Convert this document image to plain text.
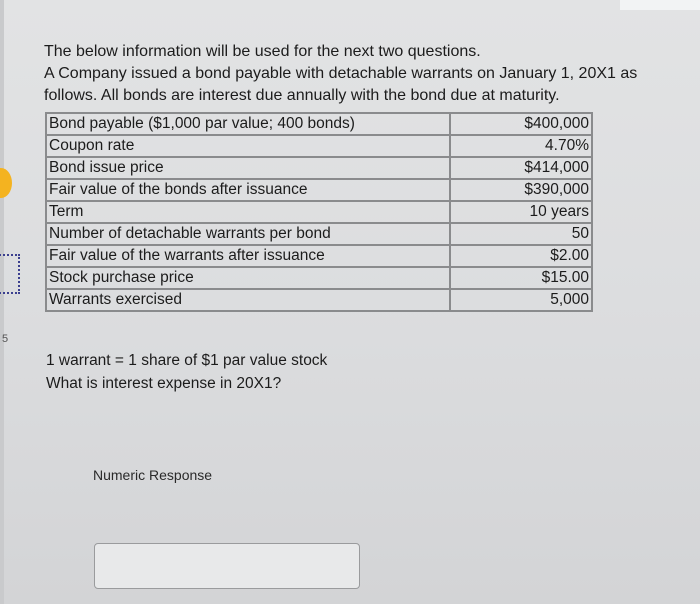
5

The below information will be used for the next two questions.

A Company issued a bond payable with detachable warrants on January 1, 20X1 as follows. All bonds are interest due annually with the bond due at maturity.

Bond payable ($1,000 par value; 400 bonds)	$400,000
Coupon rate	4.70%
Bond issue price	$414,000
Fair value of the bonds after issuance	$390,000
Term	10 years
Number of detachable warrants per bond	50
Fair value of the warrants after issuance	$2.00
Stock purchase price	$15.00
Warrants exercised	5,000
1 warrant = 1 share of $1 par value stock
What is interest expense in 20X1?
Numeric Response
